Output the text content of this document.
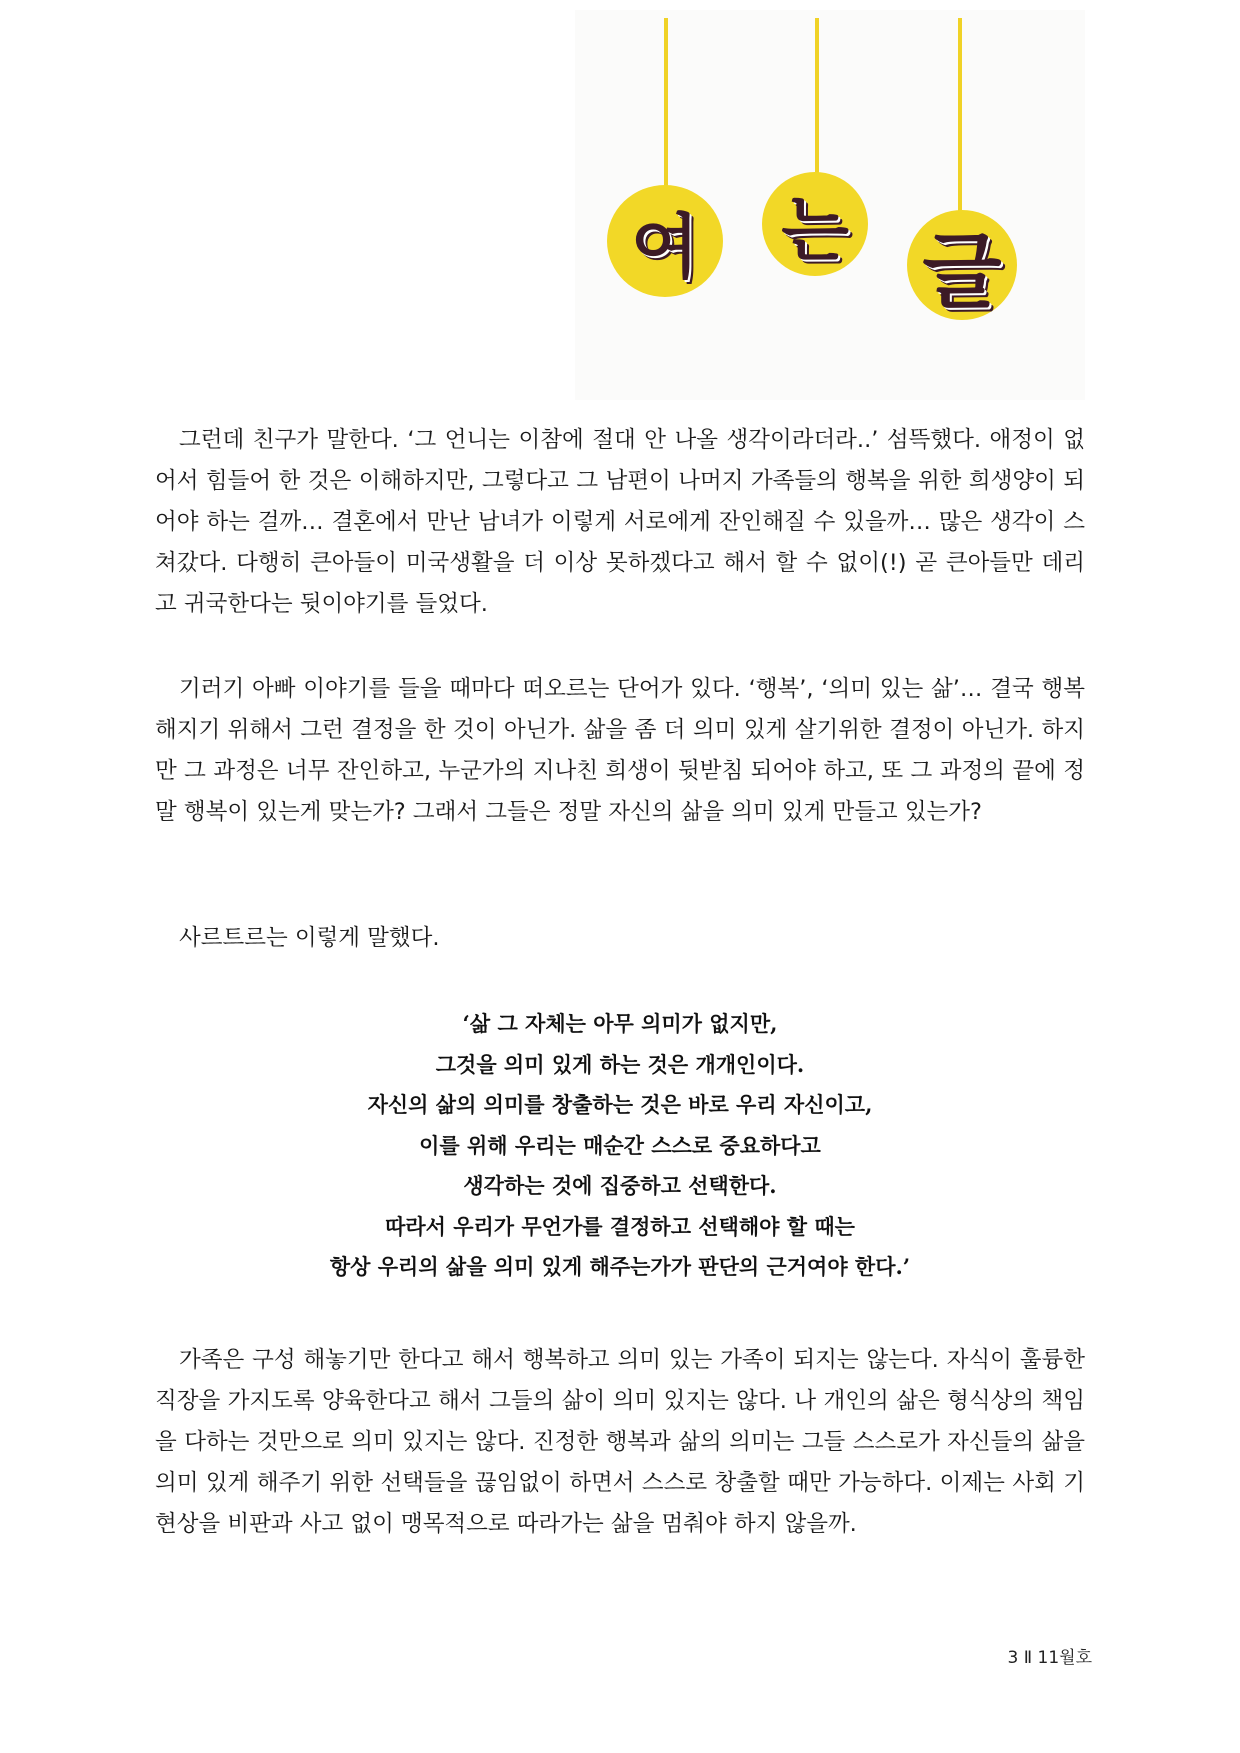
여 는 글

그런데 친구가 말한다. ‘그 언니는 이참에 절대 안 나올 생각이라더라..’ 섬뜩했다. 애정이 없어서 힘들어 한 것은 이해하지만, 그렇다고 그 남편이 나머지 가족들의 행복을 위한 희생양이 되어야 하는 걸까… 결혼에서 만난 남녀가 이렇게 서로에게 잔인해질 수 있을까… 많은 생각이 스쳐갔다. 다행히 큰아들이 미국생활을 더 이상 못하겠다고 해서 할 수 없이(!) 곧 큰아들만 데리고 귀국한다는 뒷이야기를 들었다.

기러기 아빠 이야기를 들을 때마다 떠오르는 단어가 있다. ‘행복’, ‘의미 있는 삶’… 결국 행복해지기 위해서 그런 결정을 한 것이 아닌가. 삶을 좀 더 의미 있게 살기위한 결정이 아닌가. 하지만 그 과정은 너무 잔인하고, 누군가의 지나친 희생이 뒷받침 되어야 하고, 또 그 과정의 끝에 정말 행복이 있는게 맞는가? 그래서 그들은 정말 자신의 삶을 의미 있게 만들고 있는가?

사르트르는 이렇게 말했다.

‘삶 그 자체는 아무 의미가 없지만,
그것을 의미 있게 하는 것은 개개인이다.
자신의 삶의 의미를 창출하는 것은 바로 우리 자신이고,
이를 위해 우리는 매순간 스스로 중요하다고
생각하는 것에 집중하고 선택한다.
따라서 우리가 무언가를 결정하고 선택해야 할 때는
항상 우리의 삶을 의미 있게 해주는가가 판단의 근거여야 한다.’

가족은 구성 해놓기만 한다고 해서 행복하고 의미 있는 가족이 되지는 않는다. 자식이 훌륭한 직장을 가지도록 양육한다고 해서 그들의 삶이 의미 있지는 않다. 나 개인의 삶은 형식상의 책임을 다하는 것만으로 의미 있지는 않다. 진정한 행복과 삶의 의미는 그들 스스로가 자신들의 삶을 의미 있게 해주기 위한 선택들을 끊임없이 하면서 스스로 창출할 때만 가능하다. 이제는 사회 기현상을 비판과 사고 없이 맹목적으로 따라가는 삶을 멈춰야 하지 않을까.

3 Ⅱ 11월호
